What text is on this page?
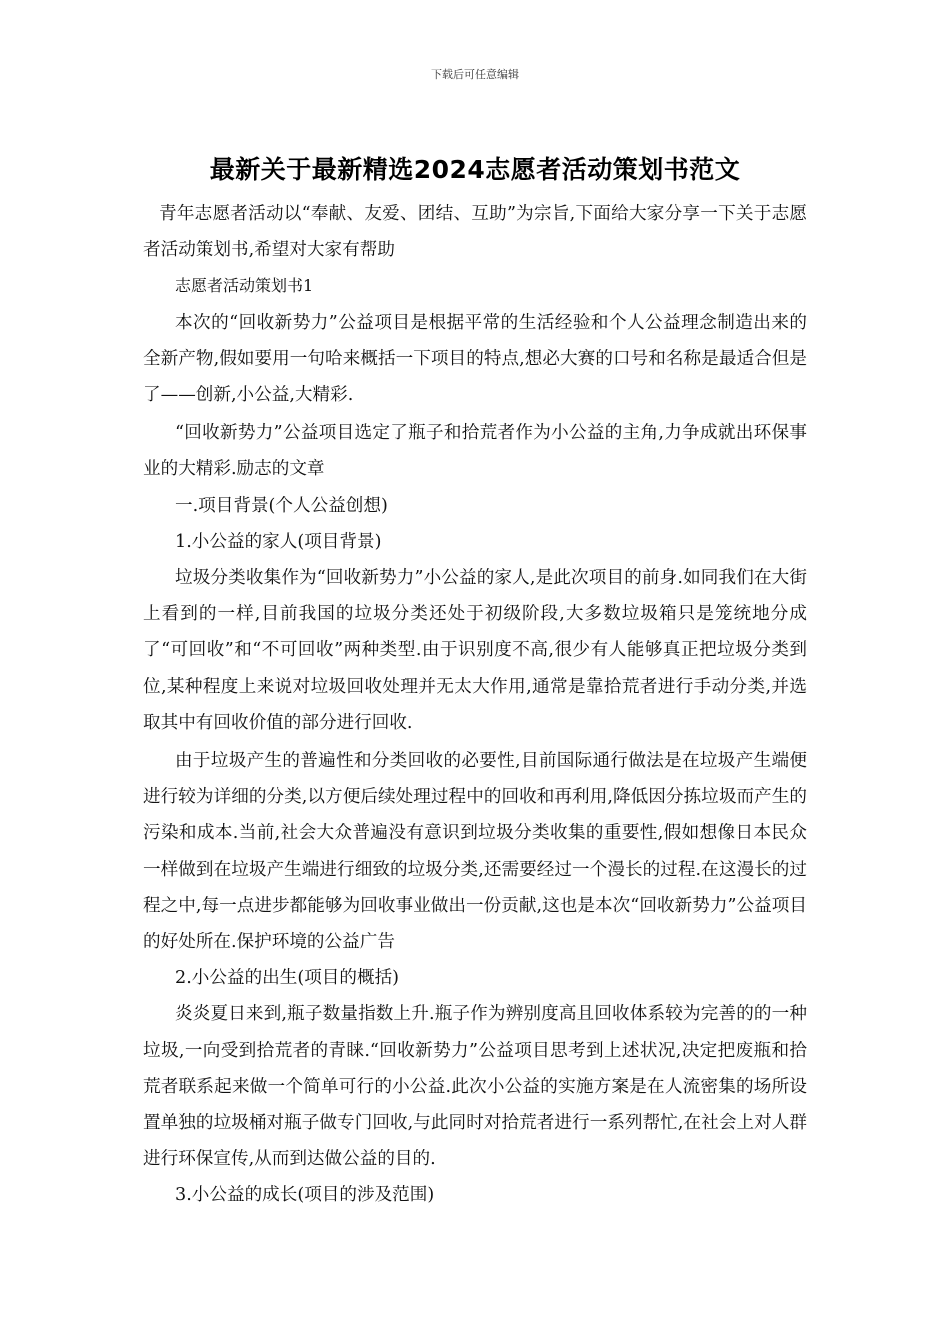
下载后可任意编辑
最新关于最新精选2024志愿者活动策划书范文

青年志愿者活动以“奉献、友爱、团结、互助”为宗旨,下面给大家分享一下关于志愿者活动策划书,希望对大家有帮助

志愿者活动策划书1

本次的“回收新势力”公益项目是根据平常的生活经验和个人公益理念制造出来的全新产物,假如要用一句哈来概括一下项目的特点,想必大赛的口号和名称是最适合但是了——创新,小公益,大精彩.

“回收新势力”公益项目选定了瓶子和拾荒者作为小公益的主角,力争成就出环保事业的大精彩.励志的文章

一.项目背景(个人公益创想)

1.小公益的家人(项目背景)

垃圾分类收集作为“回收新势力”小公益的家人,是此次项目的前身.如同我们在大街上看到的一样,目前我国的垃圾分类还处于初级阶段,大多数垃圾箱只是笼统地分成了“可回收”和“不可回收”两种类型.由于识别度不高,很少有人能够真正把垃圾分类到位,某种程度上来说对垃圾回收处理并无太大作用,通常是靠拾荒者进行手动分类,并选取其中有回收价值的部分进行回收.

由于垃圾产生的普遍性和分类回收的必要性,目前国际通行做法是在垃圾产生端便进行较为详细的分类,以方便后续处理过程中的回收和再利用,降低因分拣垃圾而产生的污染和成本.当前,社会大众普遍没有意识到垃圾分类收集的重要性,假如想像日本民众一样做到在垃圾产生端进行细致的垃圾分类,还需要经过一个漫长的过程.在这漫长的过程之中,每一点进步都能够为回收事业做出一份贡献,这也是本次“回收新势力”公益项目的好处所在.保护环境的公益广告

2.小公益的出生(项目的概括)

炎炎夏日来到,瓶子数量指数上升.瓶子作为辨别度高且回收体系较为完善的的一种垃圾,一向受到拾荒者的青睐.“回收新势力”公益项目思考到上述状况,决定把废瓶和拾荒者联系起来做一个简单可行的小公益.此次小公益的实施方案是在人流密集的场所设置单独的垃圾桶对瓶子做专门回收,与此同时对拾荒者进行一系列帮忙,在社会上对人群进行环保宣传,从而到达做公益的目的.

3.小公益的成长(项目的涉及范围)
